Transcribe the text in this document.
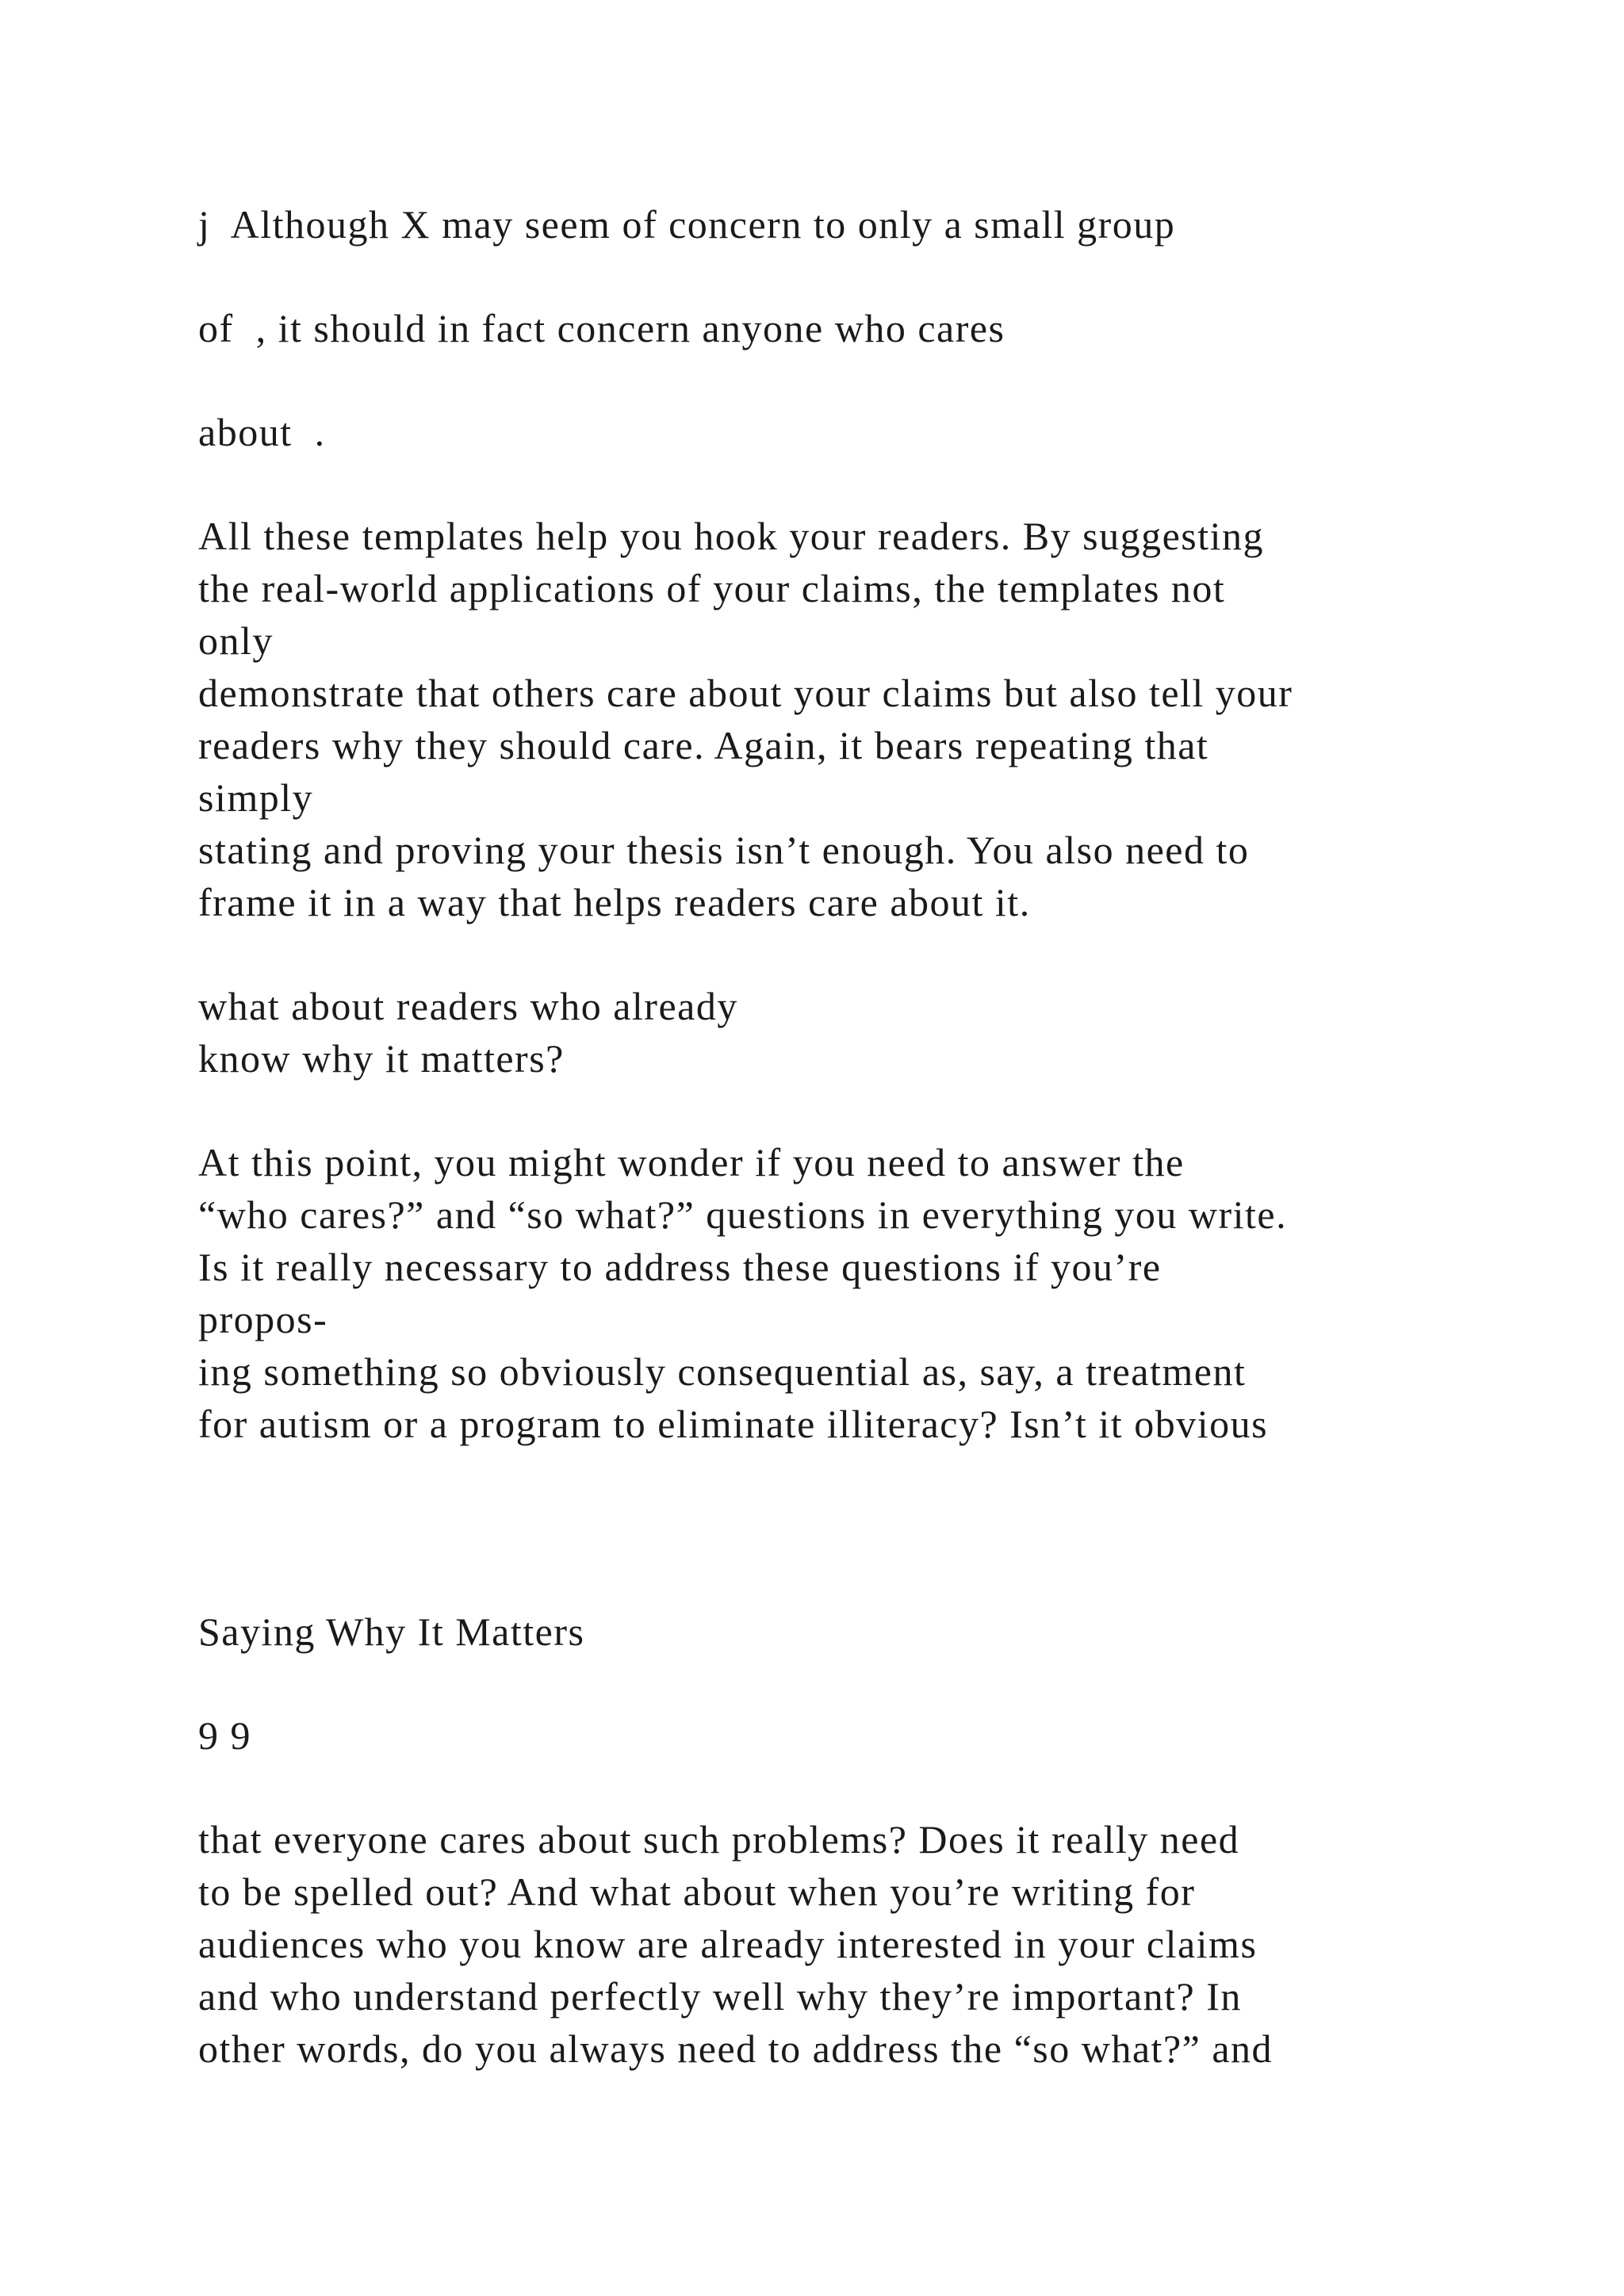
j  Although X may seem of concern to only a small group
of  , it should in fact concern anyone who cares
about  .
All these templates help you hook your readers. By suggesting
the real-world applications of your claims, the templates not
only
demonstrate that others care about your claims but also tell your
readers why they should care. Again, it bears repeating that
simply
stating and proving your thesis isn’t enough. You also need to
frame it in a way that helps readers care about it.
what about readers who already
know why it matters?
At this point, you might wonder if you need to answer the
“who cares?” and “so what?” questions in everything you write.
Is it really necessary to address these questions if you’re
propos-
ing something so obviously consequential as, say, a treatment
for autism or a program to eliminate illiteracy? Isn’t it obvious
Saying Why It Matters
9 9
that everyone cares about such problems? Does it really need
to be spelled out? And what about when you’re writing for
audiences who you know are already interested in your claims
and who understand perfectly well why they’re important? In
other words, do you always need to address the “so what?” and
